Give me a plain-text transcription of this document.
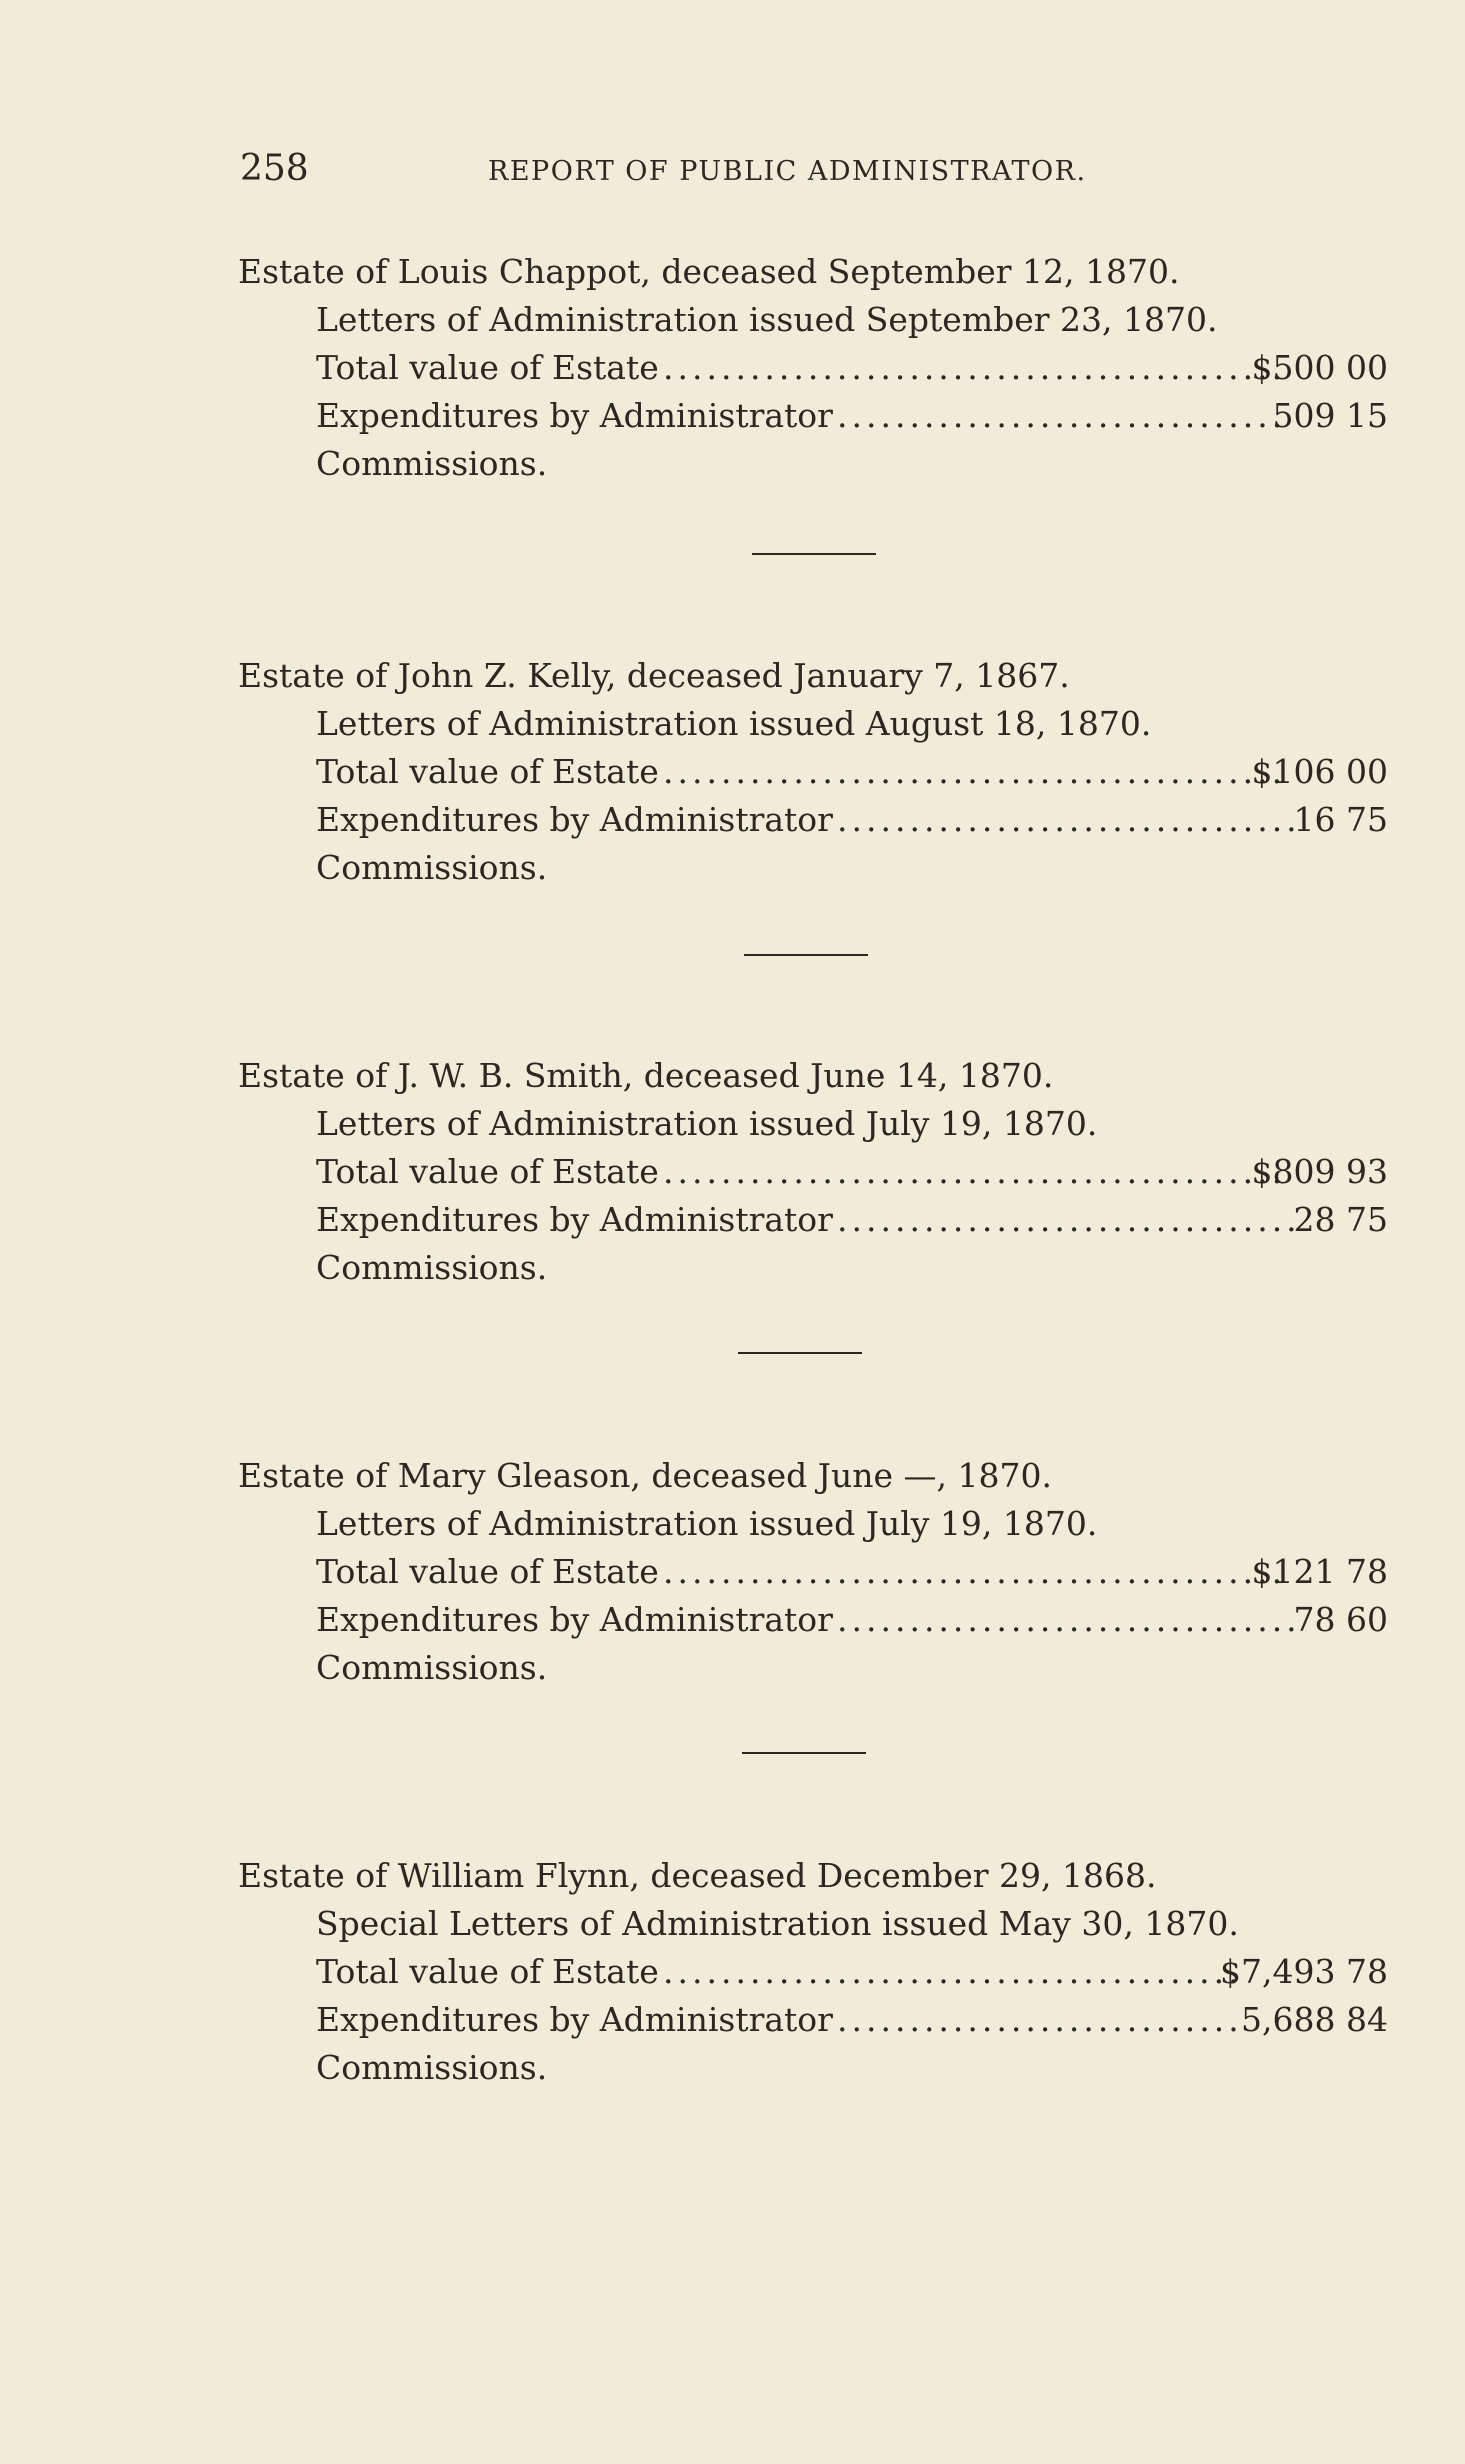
258	REPORT OF PUBLIC ADMINISTRATOR.
Estate of Louis Chappot, deceased September 12, 1870.
Letters of Administration issued September 23, 1870.
Total value of Estate ...........................................
$500 00
Expenditures by Administrator ...............................
509 15
Commissions.
Estate of John Z. Kelly, deceased January 7, 1867.
Letters of Administration issued August 18, 1870.
Total value of Estate ...........................................
$106 00
Expenditures by Administrator ................................
16 75
Commissions.
Estate of J. W. B. Smith, deceased June 14, 1870.
Letters of Administration issued July 19, 1870.
Total value of Estate ...........................................
$809 93
Expenditures by Administrator ................................
28 75
Commissions.
Estate of Mary Gleason, deceased June —, 1870.
Letters of Administration issued July 19, 1870.
Total value of Estate ...........................................
$121 78
Expenditures by Administrator ................................
78 60
Commissions.
Estate of William Flynn, deceased December 29, 1868.
Special Letters of Administration issued May 30, 1870.
Total value of Estate ........................................
$7,493 78
Expenditures by Administrator ............................
5,688 84
Commissions.
